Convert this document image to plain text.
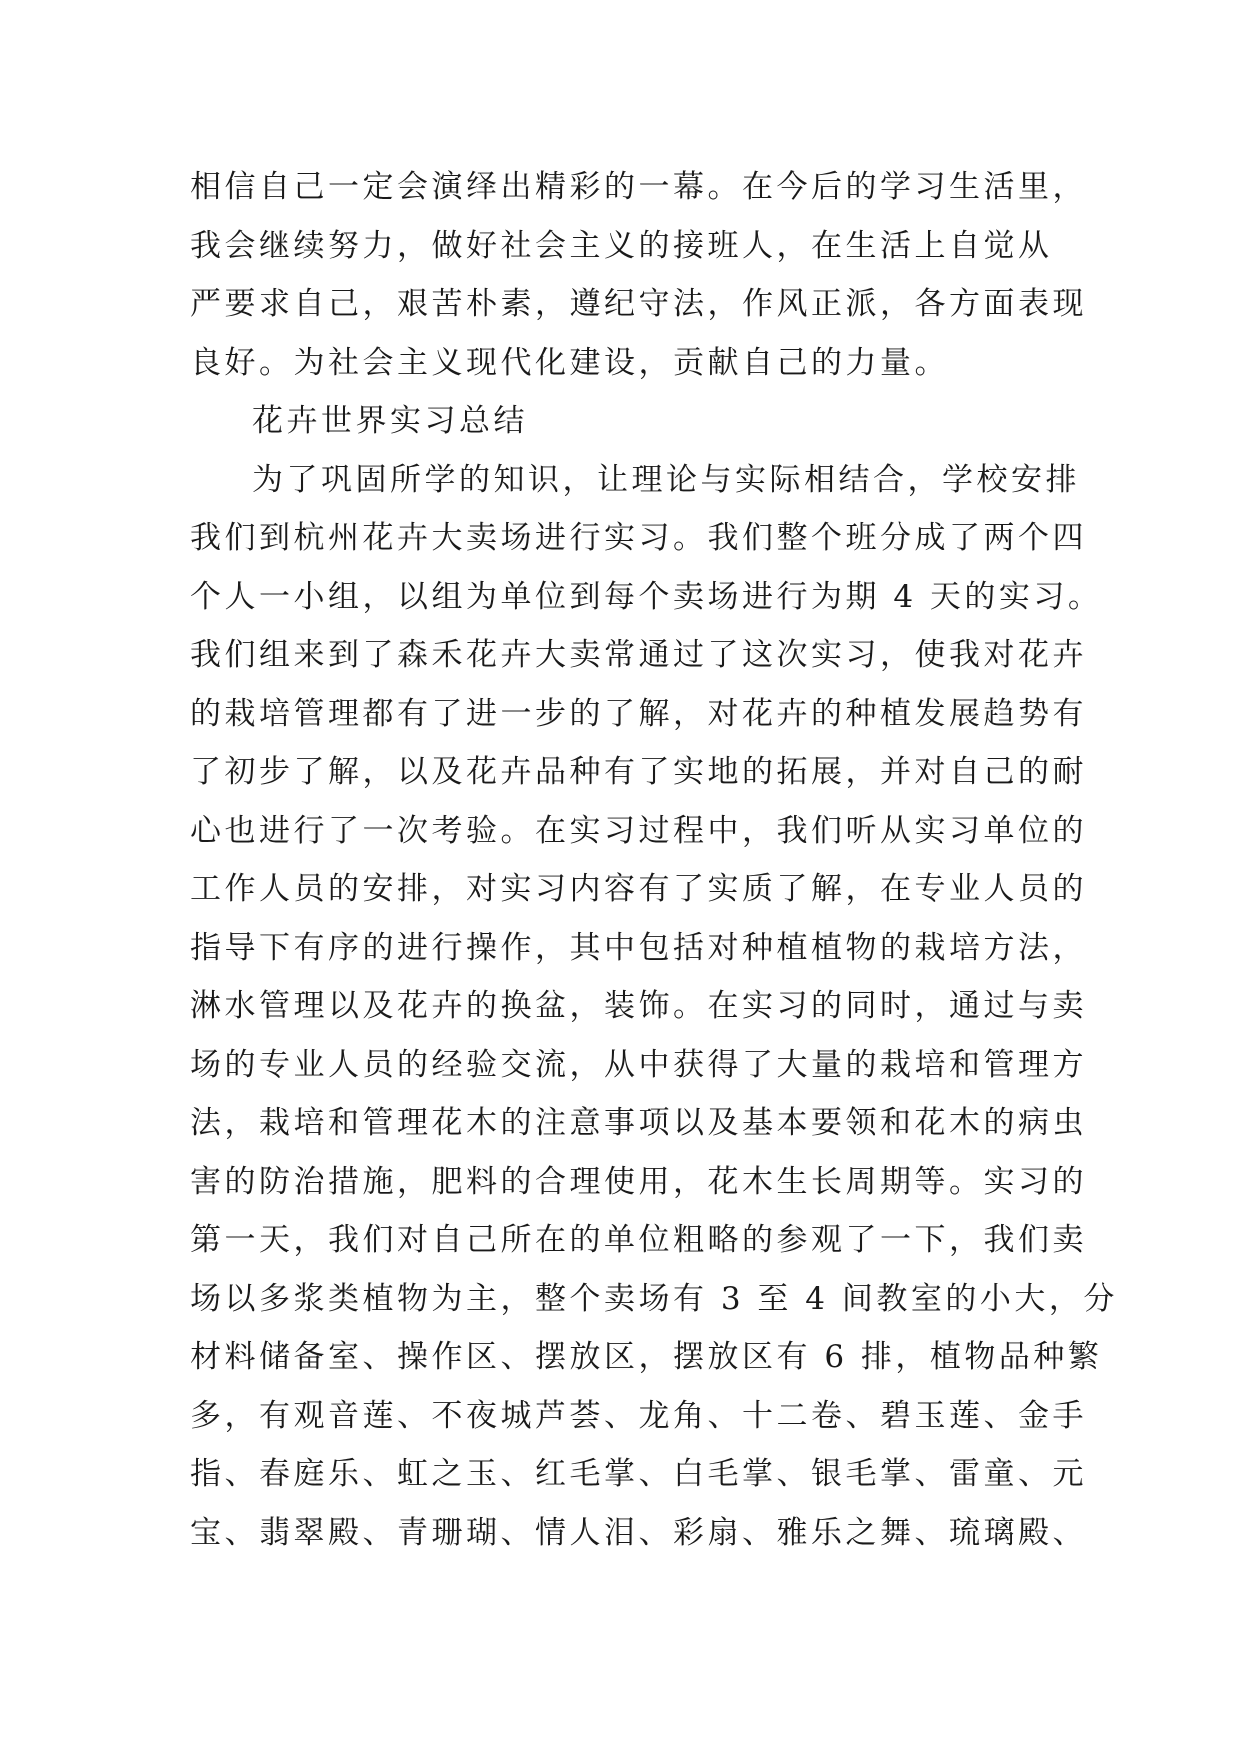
相信自己一定会演绎出精彩的一幕。在今后的学习生活里，
我会继续努力，做好社会主义的接班人，在生活上自觉从
严要求自己，艰苦朴素，遵纪守法，作风正派，各方面表现
良好。为社会主义现代化建设，贡献自己的力量。
花卉世界实习总结
为了巩固所学的知识，让理论与实际相结合，学校安排
我们到杭州花卉大卖场进行实习。我们整个班分成了两个四
个人一小组，以组为单位到每个卖场进行为期 4 天的实习。
我们组来到了森禾花卉大卖常通过了这次实习，使我对花卉
的栽培管理都有了进一步的了解，对花卉的种植发展趋势有
了初步了解，以及花卉品种有了实地的拓展，并对自己的耐
心也进行了一次考验。在实习过程中，我们听从实习单位的
工作人员的安排，对实习内容有了实质了解，在专业人员的
指导下有序的进行操作，其中包括对种植植物的栽培方法，
淋水管理以及花卉的换盆，装饰。在实习的同时，通过与卖
场的专业人员的经验交流，从中获得了大量的栽培和管理方
法，栽培和管理花木的注意事项以及基本要领和花木的病虫
害的防治措施，肥料的合理使用，花木生长周期等。实习的
第一天，我们对自己所在的单位粗略的参观了一下，我们卖
场以多浆类植物为主，整个卖场有 3 至 4 间教室的小大，分
材料储备室、操作区、摆放区，摆放区有 6 排，植物品种繁
多，有观音莲、不夜城芦荟、龙角、十二卷、碧玉莲、金手
指、春庭乐、虹之玉、红毛掌、白毛掌、银毛掌、雷童、元
宝、翡翠殿、青珊瑚、情人泪、彩扇、雅乐之舞、琉璃殿、
